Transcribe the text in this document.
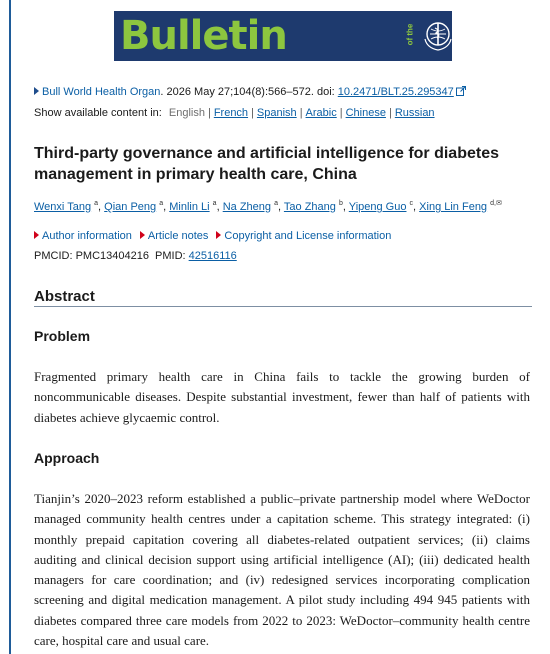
Bulletin	of the	World Health
Organization
Bull World Health Organ. 2026 May 27;104(8):566–572. doi: 10.2471/BLT.25.295347
Show available content in: English | French | Spanish | Arabic | Chinese | Russian
Third-party governance and artificial intelligence for diabetes management in primary health care, China
Wenxi Tang $^a$, Qian Peng $^a$, Minlin Li $^a$, Na Zheng $^a$, Tao Zhang $^b$, Yipeng Guo $^c$, Xing Lin Feng $^{d,✉}$
Author information Article notes Copyright and License information
PMCID: PMC13404216 PMID: 42516116
Abstract
Problem

Fragmented primary health care in China fails to tackle the growing burden of noncommunicable diseases. Despite substantial investment, fewer than half of patients with diabetes achieve glycaemic control.

Approach

Tianjin’s 2020–2023 reform established a public–private partnership model where WeDoctor managed community health centres under a capitation scheme. This strategy integrated: (i) monthly prepaid capitation covering all diabetes-related outpatient services; (ii) claims auditing and clinical decision support using artificial intelligence (AI); (iii) dedicated health managers for care coordination; and (iv) redesigned services incorporating complication screening and digital medication management. A pilot study including 494 945 patients with diabetes compared three care models from 2022 to 2023: WeDoctor–community health centre care, hospital care and usual care.
